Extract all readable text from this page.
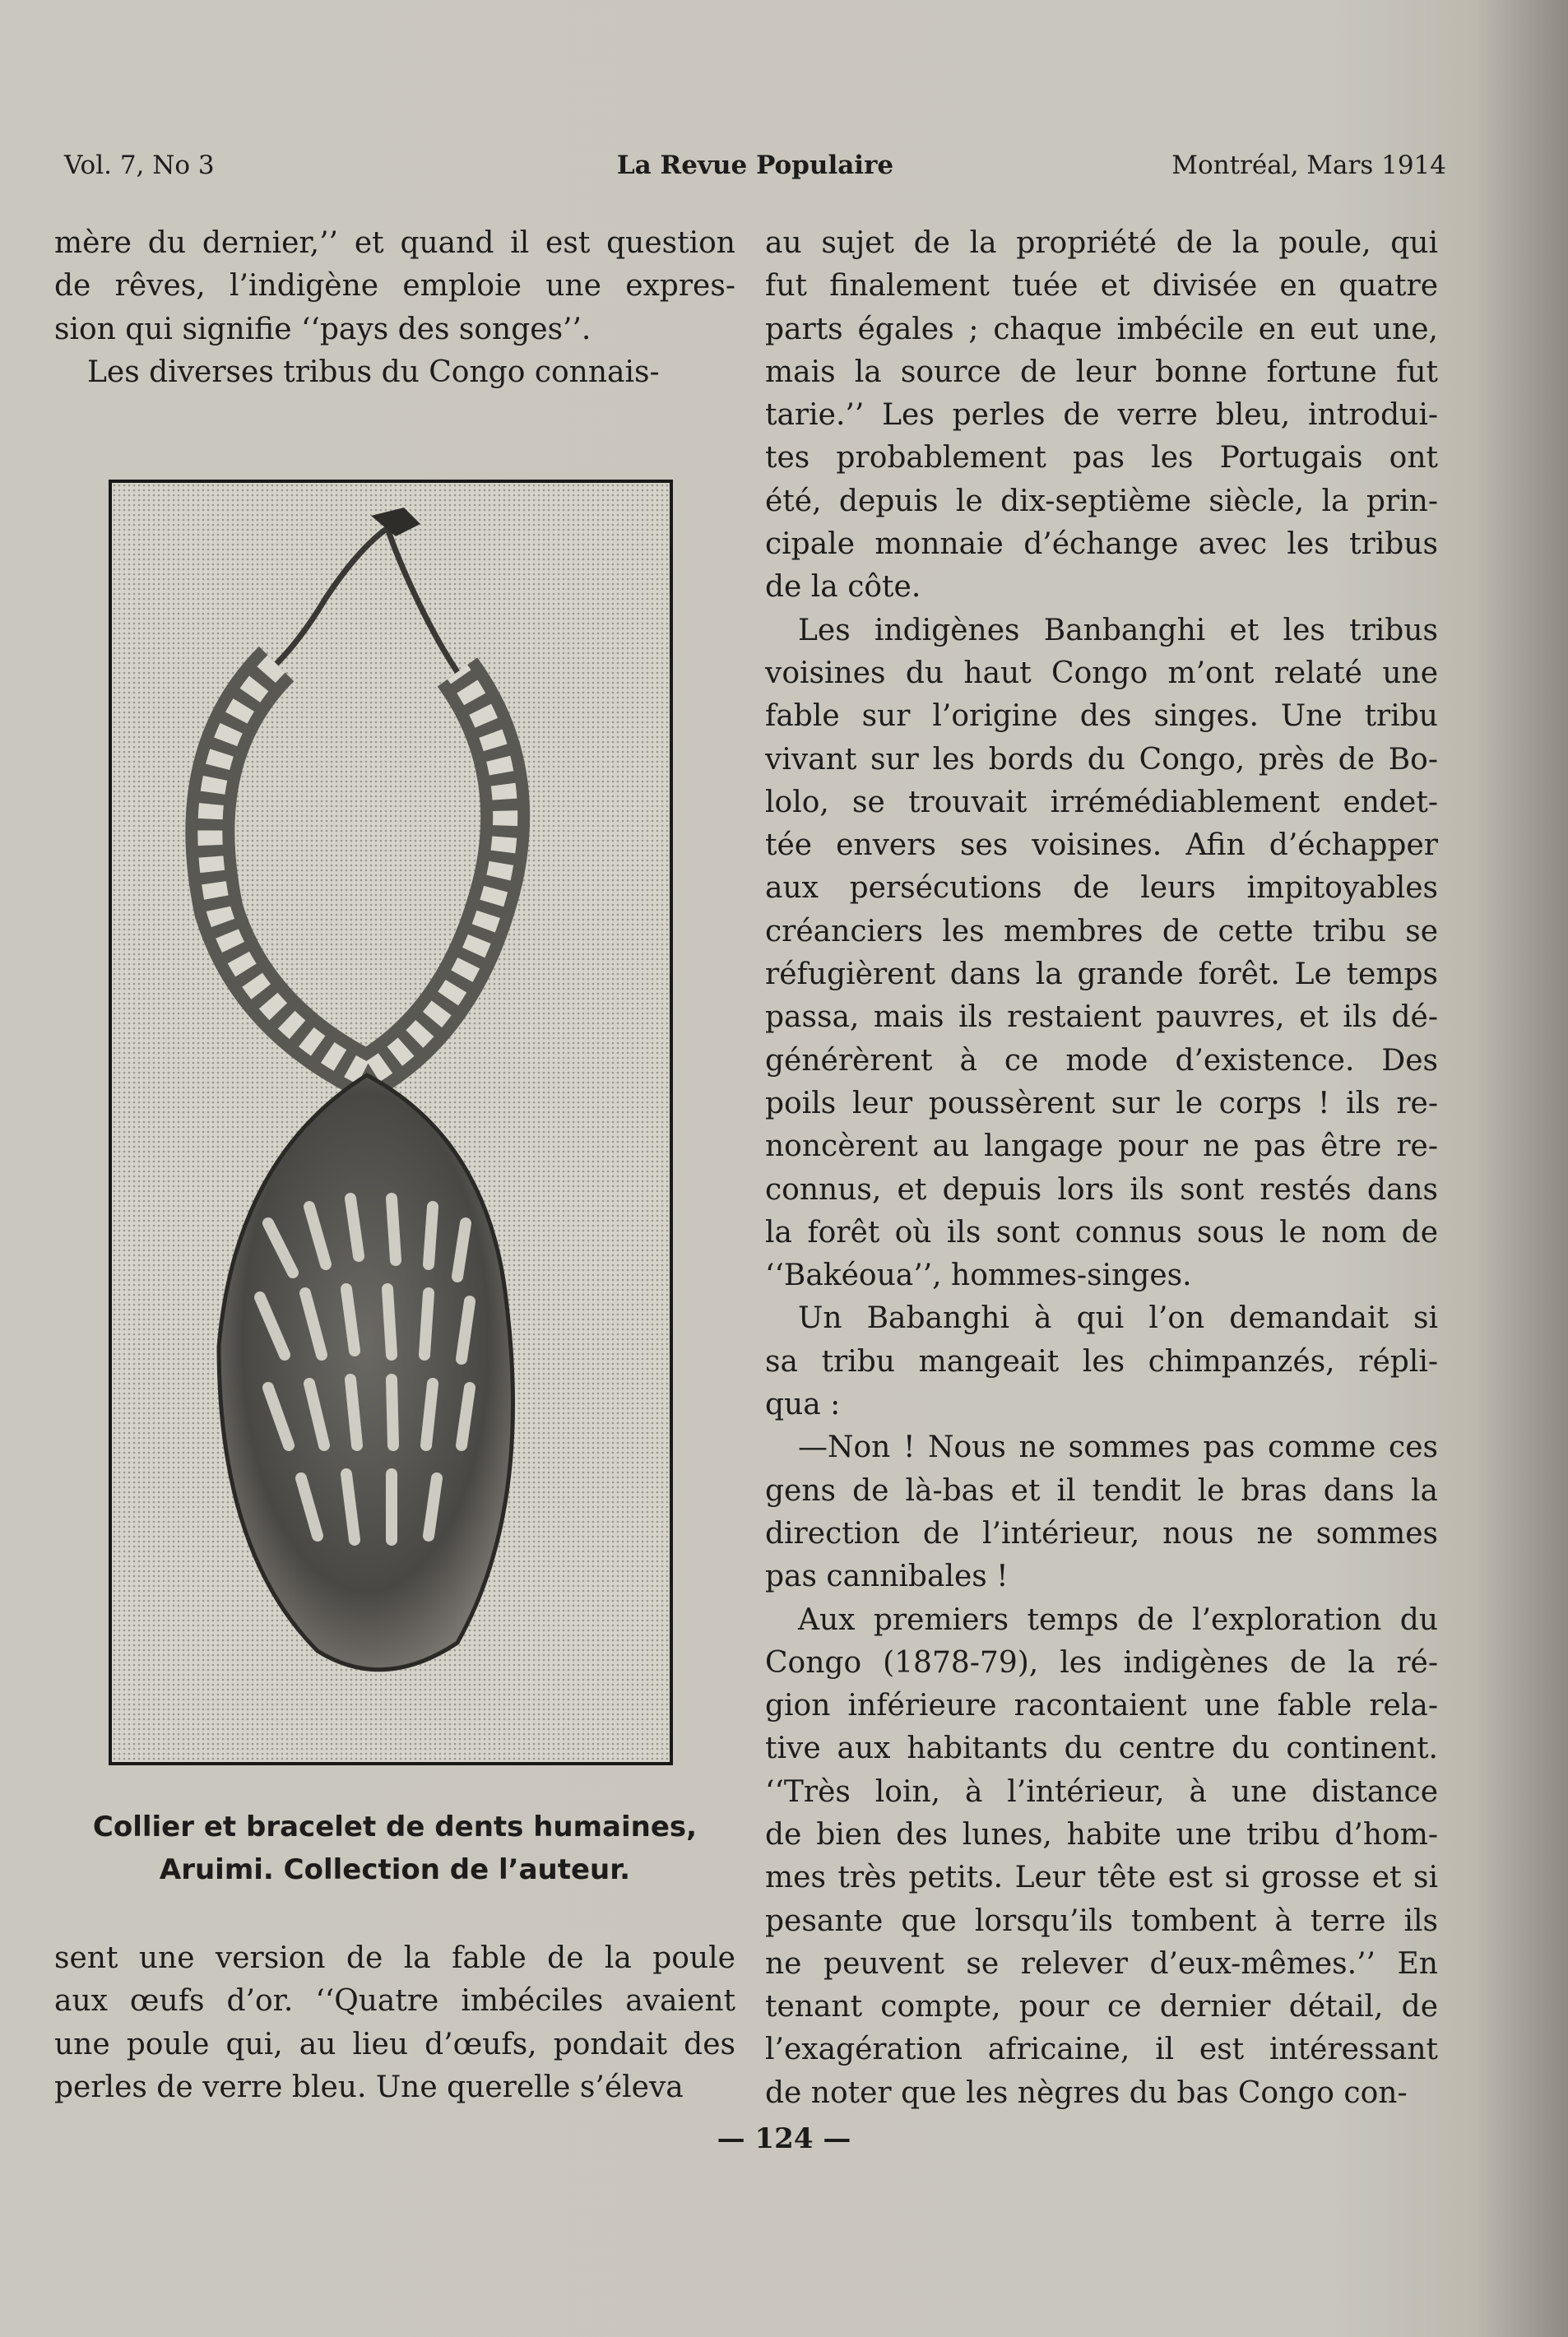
Vol. 7, No 3	La Revue Populaire	Montréal, Mars 1914

mère du dernier,’’ et quand il est question
de rêves, l’indigène emploie une expres-
sion qui signifie ‘‘pays des songes’’.

Les diverses tribus du Congo connais-

Collier et bracelet de dents humaines,
Aruimi. Collection de l’auteur.

sent une version de la fable de la poule
aux œufs d’or. ‘‘Quatre imbéciles avaient
une poule qui, au lieu d’œufs, pondait des
perles de verre bleu. Une querelle s’éleva

au sujet de la propriété de la poule, qui
fut finalement tuée et divisée en quatre
parts égales ; chaque imbécile en eut une,
mais la source de leur bonne fortune fut
tarie.’’ Les perles de verre bleu, introdui-
tes probablement pas les Portugais ont
été, depuis le dix-septième siècle, la prin-
cipale monnaie d’échange avec les tribus
de la côte.

Les indigènes Banbanghi et les tribus
voisines du haut Congo m’ont relaté une
fable sur l’origine des singes. Une tribu
vivant sur les bords du Congo, près de Bo-
lolo, se trouvait irrémédiablement endet-
tée envers ses voisines. Afin d’échapper
aux persécutions de leurs impitoyables
créanciers les membres de cette tribu se
réfugièrent dans la grande forêt. Le temps
passa, mais ils restaient pauvres, et ils dé-
générèrent à ce mode d’existence. Des
poils leur poussèrent sur le corps ! ils re-
noncèrent au langage pour ne pas être re-
connus, et depuis lors ils sont restés dans
la forêt où ils sont connus sous le nom de
‘‘Bakéoua’’, hommes-singes.

Un Babanghi à qui l’on demandait si
sa tribu mangeait les chimpanzés, répli-
qua :

—Non ! Nous ne sommes pas comme ces
gens de là-bas et il tendit le bras dans la
direction de l’intérieur, nous ne sommes
pas cannibales !

Aux premiers temps de l’exploration du
Congo (1878-79), les indigènes de la ré-
gion inférieure racontaient une fable rela-
tive aux habitants du centre du continent.
‘‘Très loin, à l’intérieur, à une distance
de bien des lunes, habite une tribu d’hom-
mes très petits. Leur tête est si grosse et si
pesante que lorsqu’ils tombent à terre ils
ne peuvent se relever d’eux-mêmes.’’ En
tenant compte, pour ce dernier détail, de
l’exagération africaine, il est intéressant
de noter que les nègres du bas Congo con-

— 124 —
